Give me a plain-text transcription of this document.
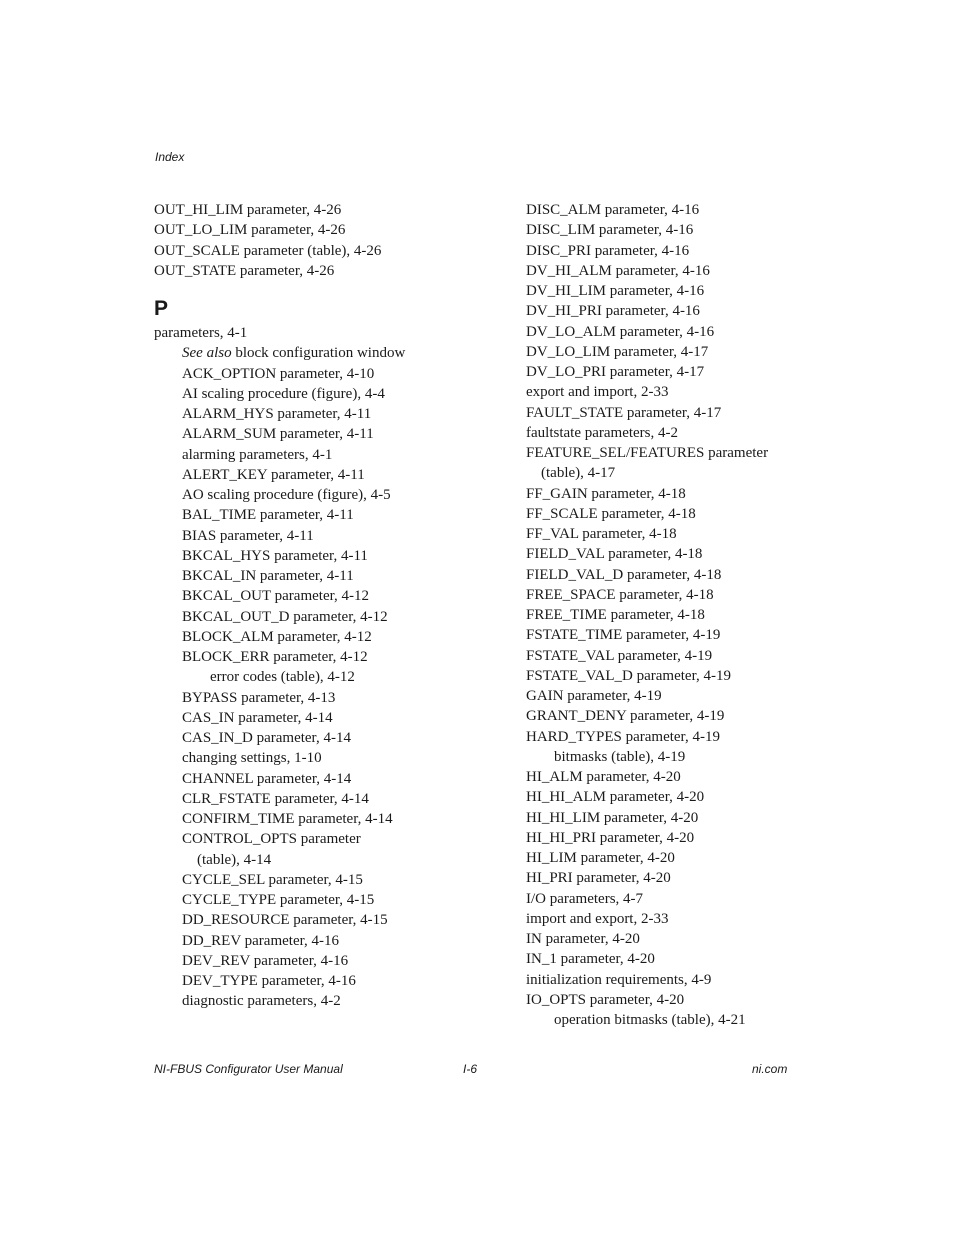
Index
OUT_HI_LIM parameter, 4-26
OUT_LO_LIM parameter, 4-26
OUT_SCALE parameter (table), 4-26
OUT_STATE parameter, 4-26
P
parameters, 4-1
See also block configuration window
ACK_OPTION parameter, 4-10
AI scaling procedure (figure), 4-4
ALARM_HYS parameter, 4-11
ALARM_SUM parameter, 4-11
alarming parameters, 4-1
ALERT_KEY parameter, 4-11
AO scaling procedure (figure), 4-5
BAL_TIME parameter, 4-11
BIAS parameter, 4-11
BKCAL_HYS parameter, 4-11
BKCAL_IN parameter, 4-11
BKCAL_OUT parameter, 4-12
BKCAL_OUT_D parameter, 4-12
BLOCK_ALM parameter, 4-12
BLOCK_ERR parameter, 4-12
error codes (table), 4-12
BYPASS parameter, 4-13
CAS_IN parameter, 4-14
CAS_IN_D parameter, 4-14
changing settings, 1-10
CHANNEL parameter, 4-14
CLR_FSTATE parameter, 4-14
CONFIRM_TIME parameter, 4-14
CONTROL_OPTS parameter
(table), 4-14
CYCLE_SEL parameter, 4-15
CYCLE_TYPE parameter, 4-15
DD_RESOURCE parameter, 4-15
DD_REV parameter, 4-16
DEV_REV parameter, 4-16
DEV_TYPE parameter, 4-16
diagnostic parameters, 4-2
DISC_ALM parameter, 4-16
DISC_LIM parameter, 4-16
DISC_PRI parameter, 4-16
DV_HI_ALM parameter, 4-16
DV_HI_LIM parameter, 4-16
DV_HI_PRI parameter, 4-16
DV_LO_ALM parameter, 4-16
DV_LO_LIM parameter, 4-17
DV_LO_PRI parameter, 4-17
export and import, 2-33
FAULT_STATE parameter, 4-17
faultstate parameters, 4-2
FEATURE_SEL/FEATURES parameter
(table), 4-17
FF_GAIN parameter, 4-18
FF_SCALE parameter, 4-18
FF_VAL parameter, 4-18
FIELD_VAL parameter, 4-18
FIELD_VAL_D parameter, 4-18
FREE_SPACE parameter, 4-18
FREE_TIME parameter, 4-18
FSTATE_TIME parameter, 4-19
FSTATE_VAL parameter, 4-19
FSTATE_VAL_D parameter, 4-19
GAIN parameter, 4-19
GRANT_DENY parameter, 4-19
HARD_TYPES parameter, 4-19
bitmasks (table), 4-19
HI_ALM parameter, 4-20
HI_HI_ALM parameter, 4-20
HI_HI_LIM parameter, 4-20
HI_HI_PRI parameter, 4-20
HI_LIM parameter, 4-20
HI_PRI parameter, 4-20
I/O parameters, 4-7
import and export, 2-33
IN parameter, 4-20
IN_1 parameter, 4-20
initialization requirements, 4-9
IO_OPTS parameter, 4-20
operation bitmasks (table), 4-21
NI-FBUS Configurator User Manual	I-6	ni.com
